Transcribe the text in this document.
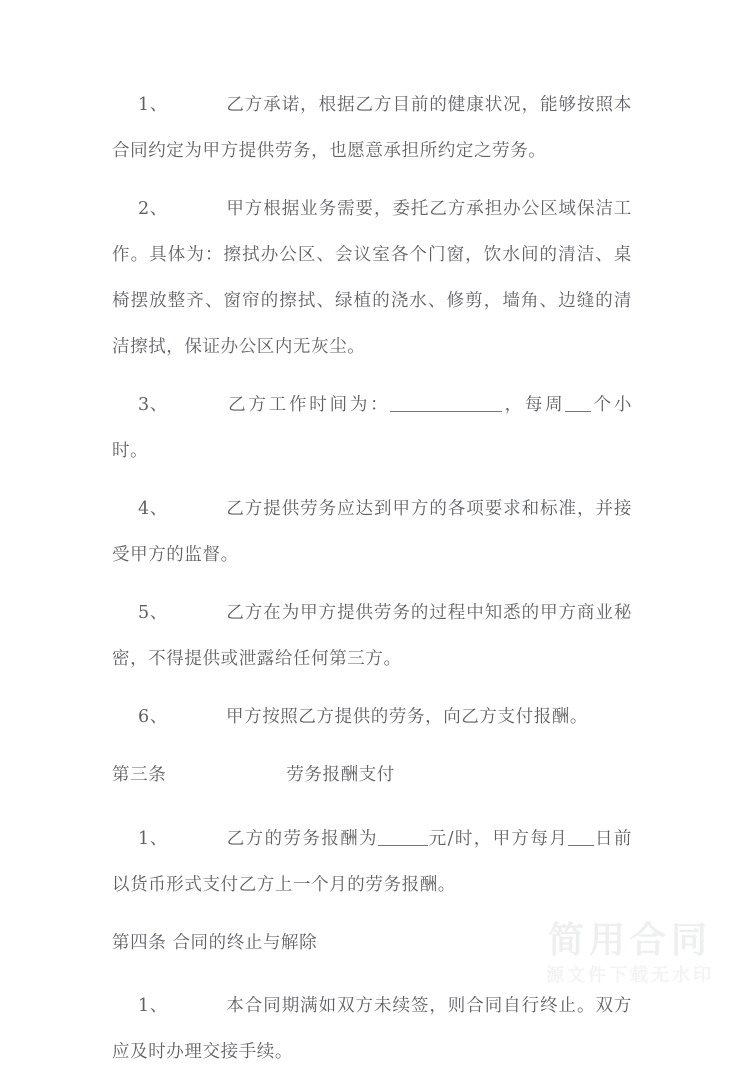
1、	乙方承诺，根据乙方目前的健康状况，能够按照本合同约定为甲方提供劳务，也愿意承担所约定之劳务。

2、	甲方根据业务需要，委托乙方承担办公区域保洁工作。具体为：擦拭办公区、会议室各个门窗，饮水间的清洁、桌椅摆放整齐、窗帘的擦拭、绿植的浇水、修剪，墙角、边缝的清洁擦拭，保证办公区内无灰尘。

3、	乙方工作时间为：	，每周 个小时。

4、	乙方提供劳务应达到甲方的各项要求和标准，并接受甲方的监督。

5、	乙方在为甲方提供劳务的过程中知悉的甲方商业秘密，不得提供或泄露给任何第三方。

6、	甲方按照乙方提供的劳务，向乙方支付报酬。

第三条	劳务报酬支付

1、	乙方的劳务报酬为	元/时，甲方每月 日前以货币形式支付乙方上一个月的劳务报酬。

第四条 合同的终止与解除

1、	本合同期满如双方未续签，则合同自行终止。双方应及时办理交接手续。

简用合同
源文件下载无水印
